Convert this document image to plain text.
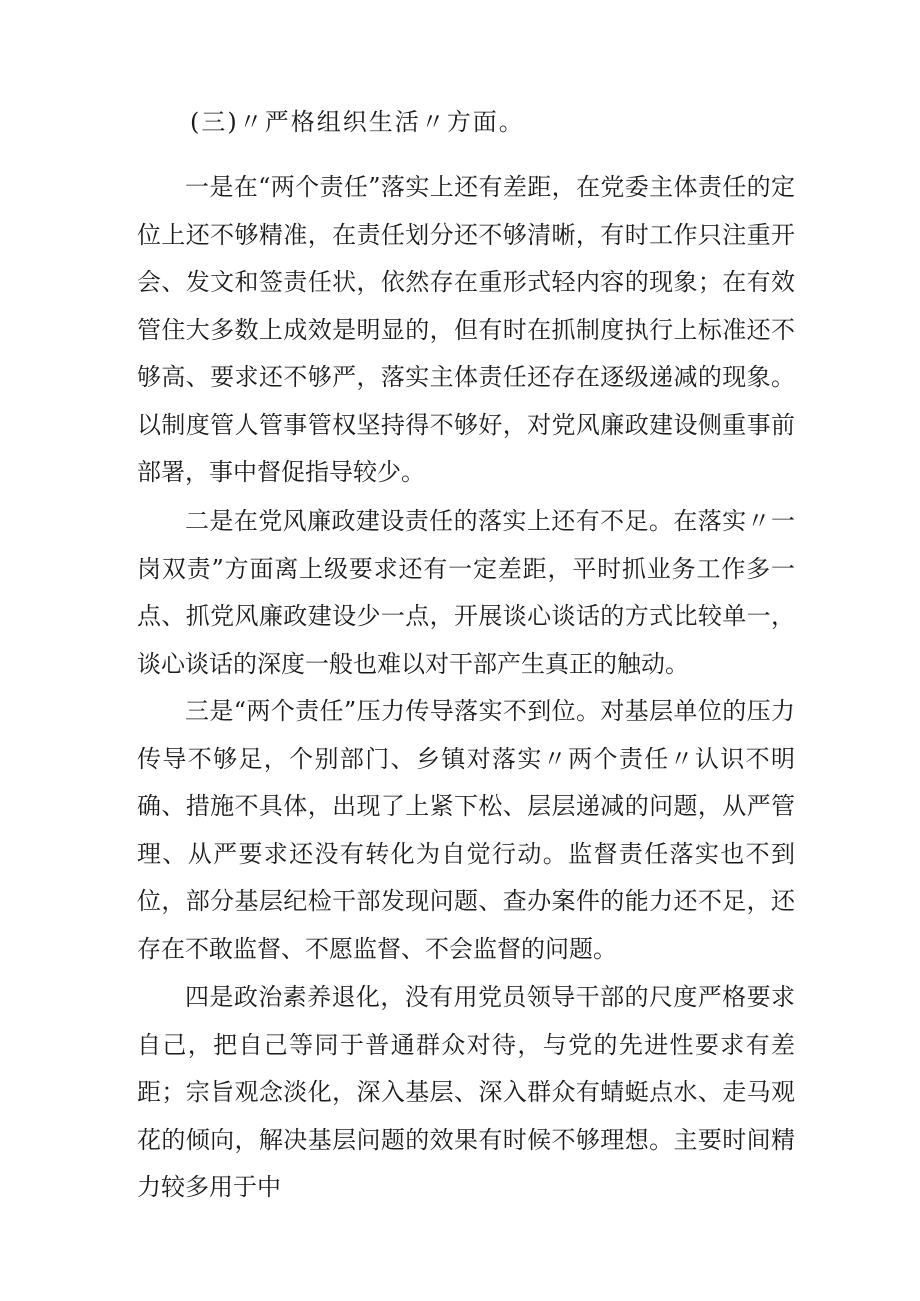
(三)〃严格组织生活〃方面。

一是在“两个责任”落实上还有差距，在党委主体责任的定位上还不够精准，在责任划分还不够清晰，有时工作只注重开会、发文和签责任状，依然存在重形式轻内容的现象；在有效管住大多数上成效是明显的，但有时在抓制度执行上标准还不够高、要求还不够严，落实主体责任还存在逐级递减的现象。以制度管人管事管权坚持得不够好，对党风廉政建设侧重事前部署，事中督促指导较少。

二是在党风廉政建设责任的落实上还有不足。在落实〃一岗双责”方面离上级要求还有一定差距，平时抓业务工作多一点、抓党风廉政建设少一点，开展谈心谈话的方式比较单一，谈心谈话的深度一般也难以对干部产生真正的触动。

三是“两个责任”压力传导落实不到位。对基层单位的压力传导不够足，个别部门、乡镇对落实〃两个责任〃认识不明确、措施不具体，出现了上紧下松、层层递减的问题，从严管理、从严要求还没有转化为自觉行动。监督责任落实也不到位，部分基层纪检干部发现问题、查办案件的能力还不足，还存在不敢监督、不愿监督、不会监督的问题。

四是政治素养退化，没有用党员领导干部的尺度严格要求自己，把自己等同于普通群众对待，与党的先进性要求有差距；宗旨观念淡化，深入基层、深入群众有蜻蜓点水、走马观花的倾向，解决基层问题的效果有时候不够理想。主要时间精力较多用于中
